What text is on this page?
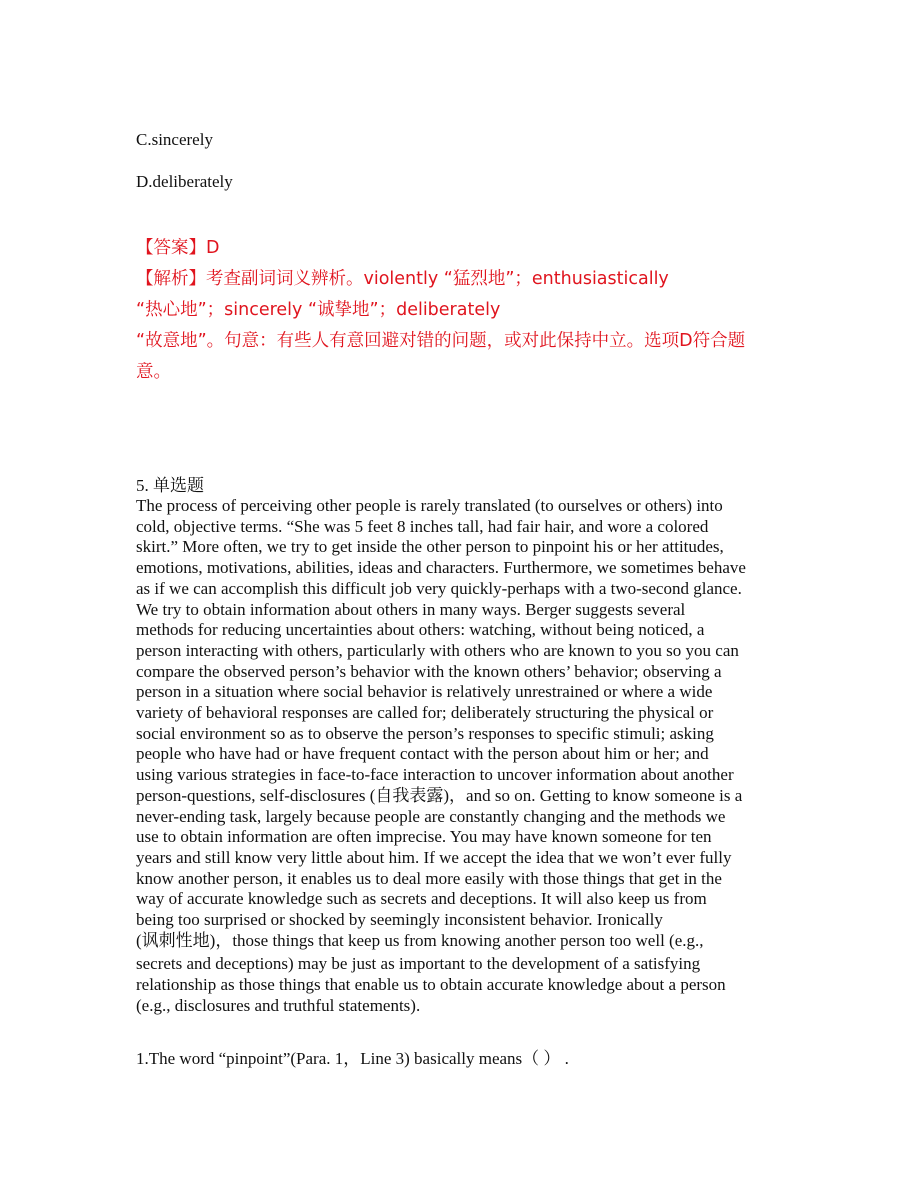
C.sincerely
D.deliberately
【答案】D
【解析】考查副词词义辨析。violently “猛烈地”；enthusiastically
“热心地”；sincerely “诚挚地”；deliberately
“故意地”。句意：有些人有意回避对错的问题，或对此保持中立。选项D符合题
意。
5. 单选题
The process of perceiving other people is rarely translated (to ourselves or others) into
cold, objective terms. “She was 5 feet 8 inches tall, had fair hair, and wore a colored
skirt.” More often, we try to get inside the other person to pinpoint his or her attitudes,
emotions, motivations, abilities, ideas and characters. Furthermore, we sometimes behave
as if we can accomplish this difficult job very quickly-perhaps with a two-second glance.
We try to obtain information about others in many ways. Berger suggests several
methods for reducing uncertainties about others: watching, without being noticed, a
person interacting with others, particularly with others who are known to you so you can
compare the observed person’s behavior with the known others’ behavior; observing a
person in a situation where social behavior is relatively unrestrained or where a wide
variety of behavioral responses are called for; deliberately structuring the physical or
social environment so as to observe the person’s responses to specific stimuli; asking
people who have had or have frequent contact with the person about him or her; and
using various strategies in face-to-face interaction to uncover information about another
person-questions, self-disclosures (自我表露)，and so on. Getting to know someone is a
never-ending task, largely because people are constantly changing and the methods we
use to obtain information are often imprecise. You may have known someone for ten
years and still know very little about him. If we accept the idea that we won’t ever fully
know another person, it enables us to deal more easily with those things that get in the
way of accurate knowledge such as secrets and deceptions. It will also keep us from
being too surprised or shocked by seemingly inconsistent behavior. Ironically
(讽刺性地)，those things that keep us from knowing another person too well (e.g.,
secrets and deceptions) may be just as important to the development of a satisfying
relationship as those things that enable us to obtain accurate knowledge about a person
(e.g., disclosures and truthful statements).
1.The word “pinpoint”(Para. 1，Line 3) basically means（ ） .
